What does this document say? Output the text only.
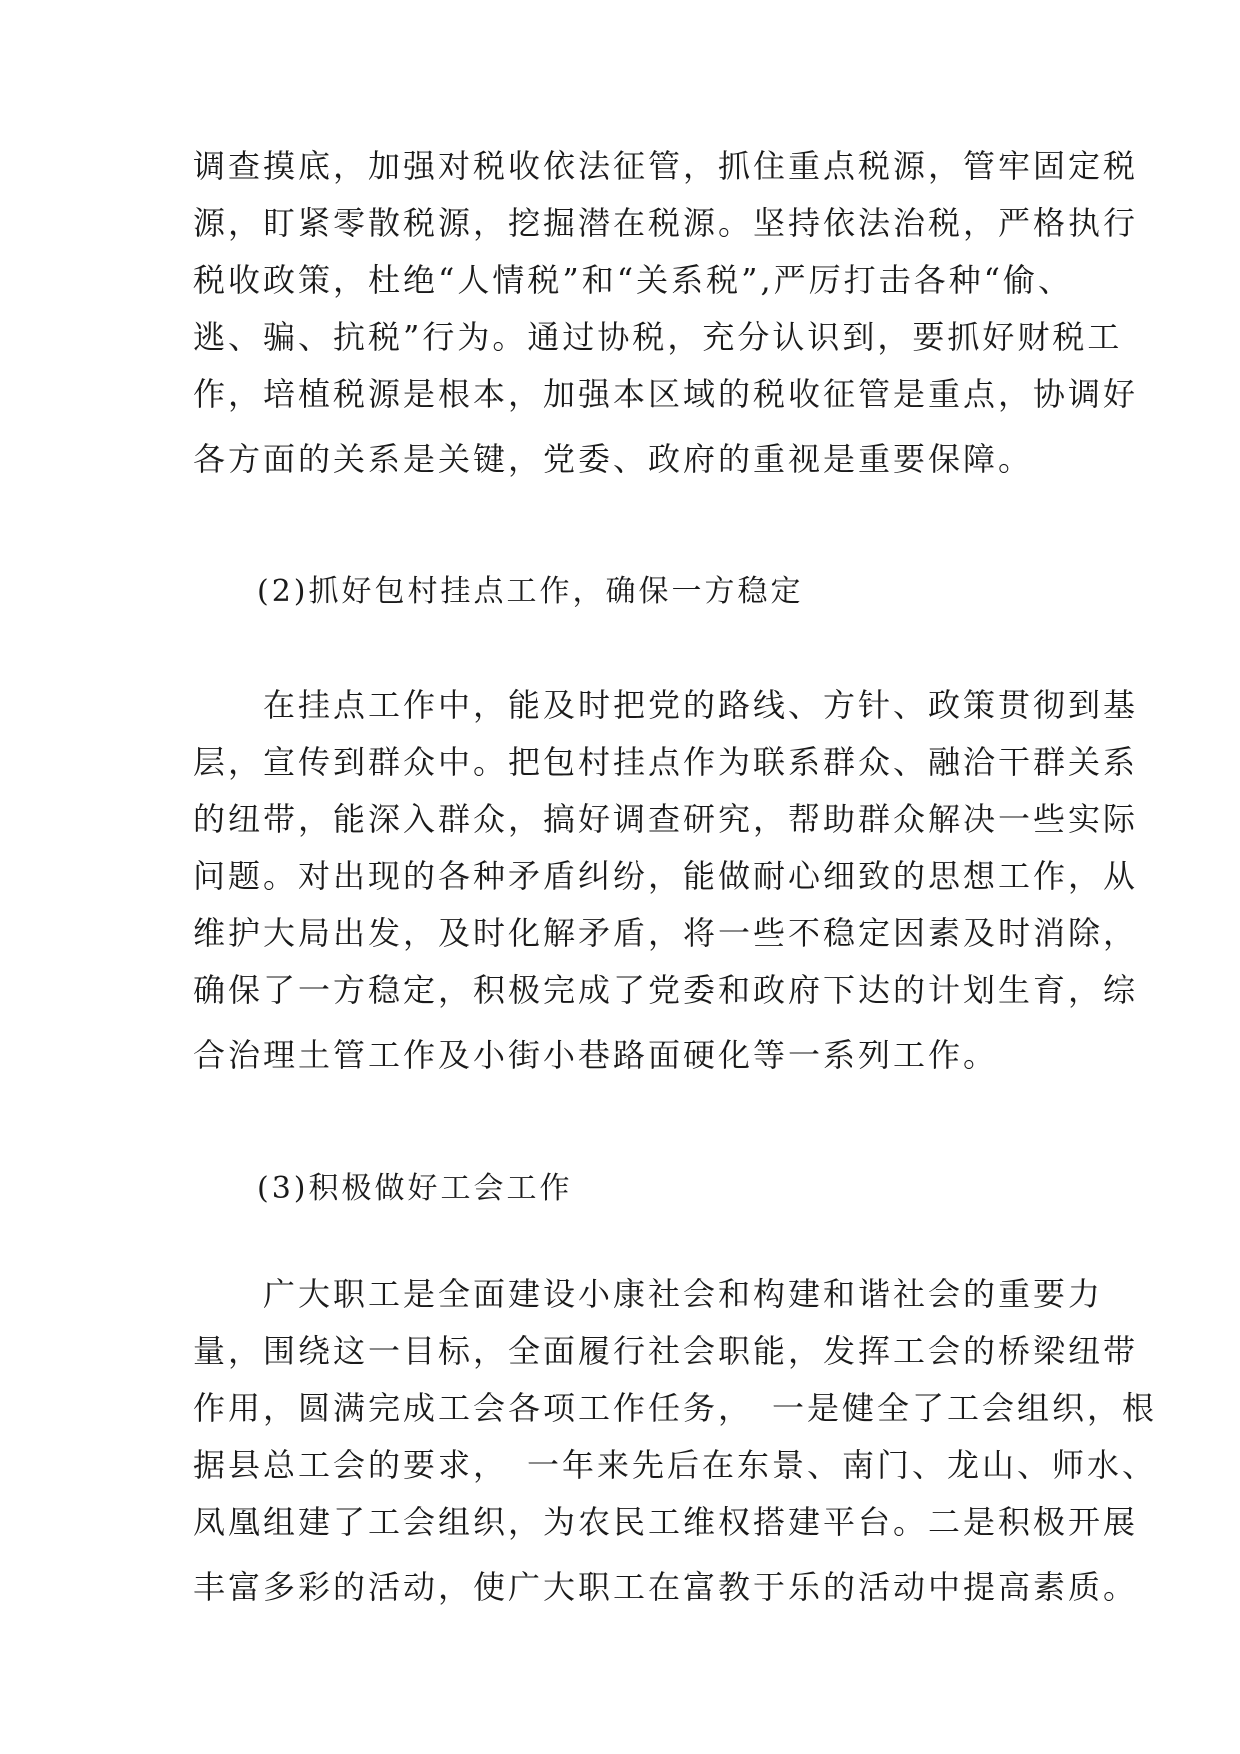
调查摸底，加强对税收依法征管，抓住重点税源，管牢固定税
源，盯紧零散税源，挖掘潜在税源。坚持依法治税，严格执行
税收政策，杜绝“人情税”和“关系税”,严厉打击各种“偷、
逃、骗、抗税”行为。通过协税，充分认识到，要抓好财税工
作，培植税源是根本，加强本区域的税收征管是重点，协调好
各方面的关系是关键，党委、政府的重视是重要保障。
(2)抓好包村挂点工作，确保一方稳定
　　在挂点工作中，能及时把党的路线、方针、政策贯彻到基
层，宣传到群众中。把包村挂点作为联系群众、融洽干群关系
的纽带，能深入群众，搞好调查研究，帮助群众解决一些实际
问题。对出现的各种矛盾纠纷，能做耐心细致的思想工作，从
维护大局出发，及时化解矛盾，将一些不稳定因素及时消除，
确保了一方稳定，积极完成了党委和政府下达的计划生育，综
合治理土管工作及小街小巷路面硬化等一系列工作。
(3)积极做好工会工作
　　广大职工是全面建设小康社会和构建和谐社会的重要力
量，围绕这一目标，全面履行社会职能，发挥工会的桥梁纽带
作用，圆满完成工会各项工作任务，　一是健全了工会组织，根
据县总工会的要求，　一年来先后在东景、南门、龙山、师水、
凤凰组建了工会组织，为农民工维权搭建平台。二是积极开展
丰富多彩的活动，使广大职工在富教于乐的活动中提高素质。
